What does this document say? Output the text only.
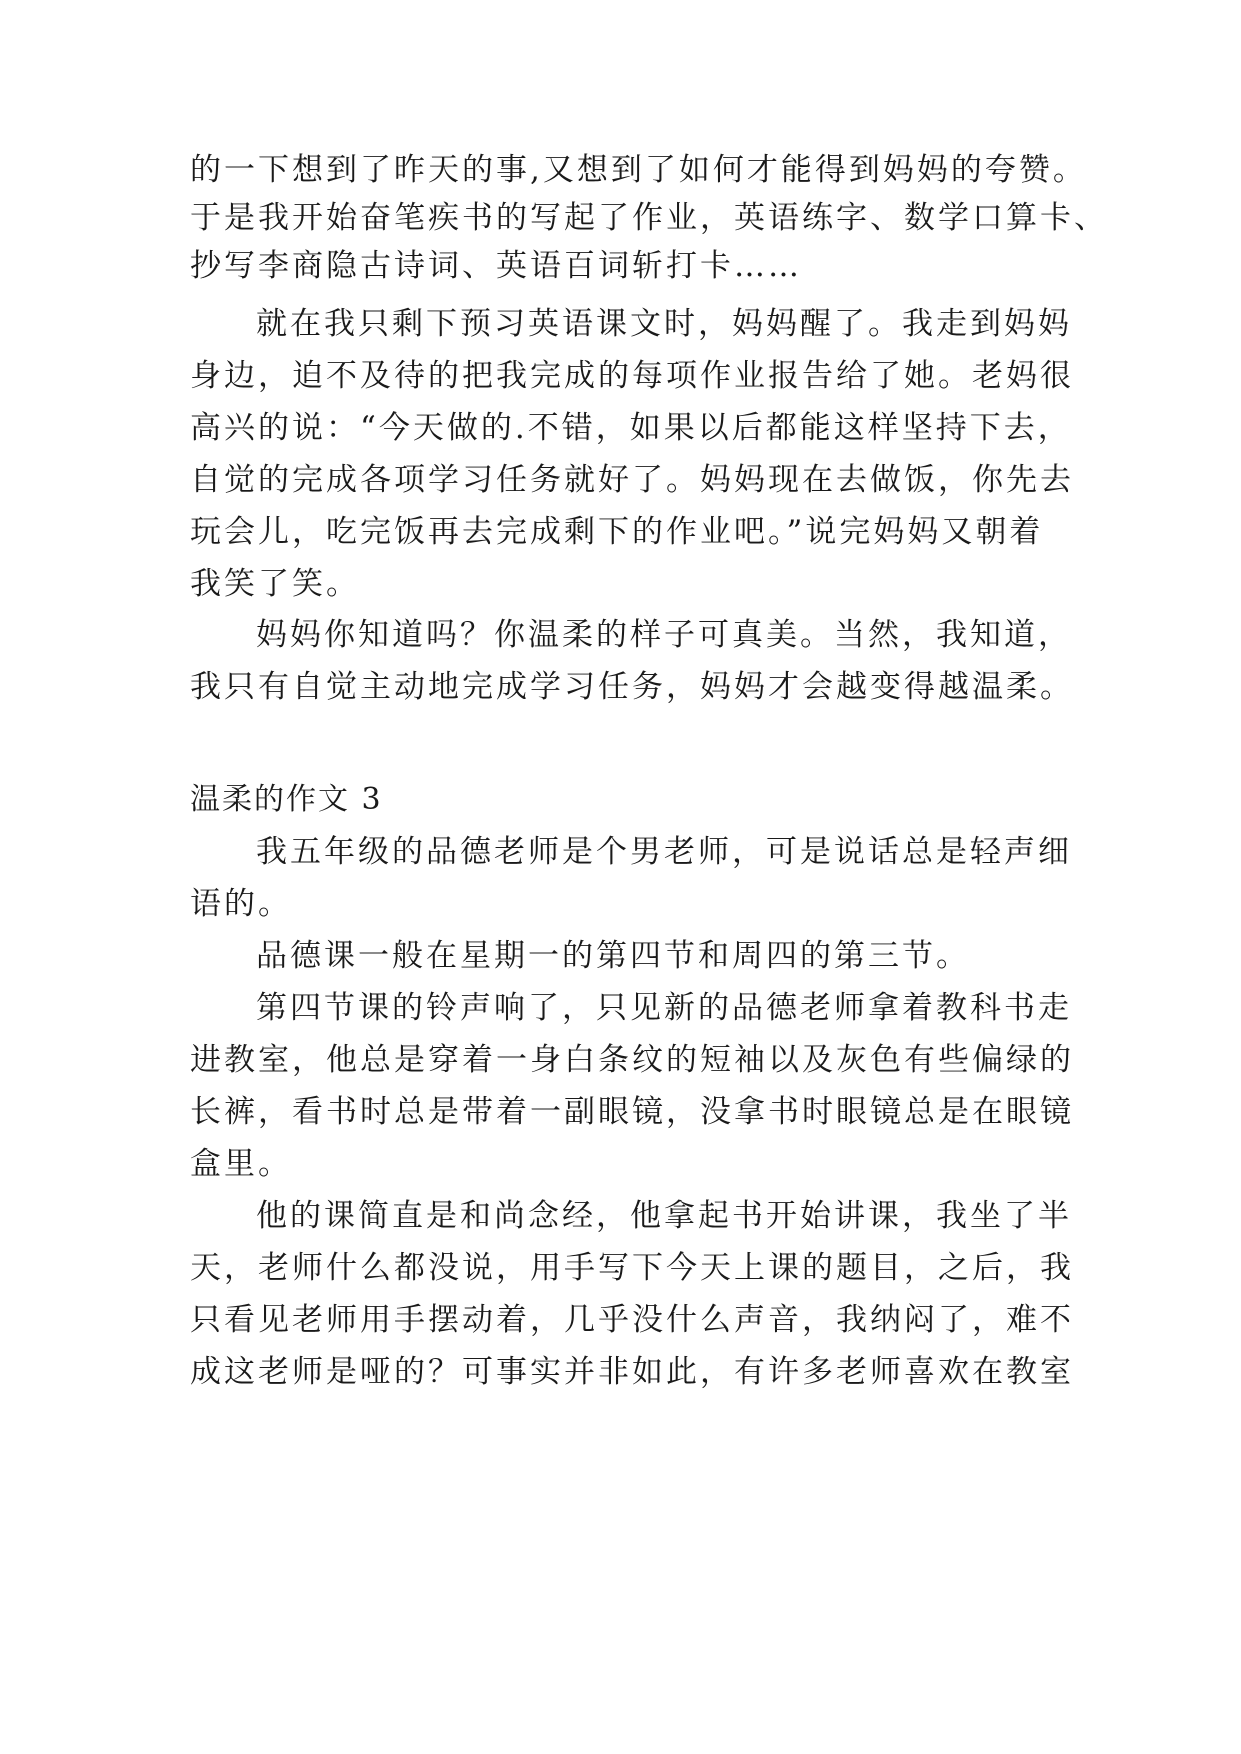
的一下想到了昨天的事,又想到了如何才能得到妈妈的夸赞。
于是我开始奋笔疾书的写起了作业，英语练字、数学口算卡、
抄写李商隐古诗词、英语百词斩打卡……
就在我只剩下预习英语课文时，妈妈醒了。我走到妈妈
身边，迫不及待的把我完成的每项作业报告给了她。老妈很
高兴的说：“今天做的.不错，如果以后都能这样坚持下去，
自觉的完成各项学习任务就好了。妈妈现在去做饭，你先去
玩会儿，吃完饭再去完成剩下的作业吧。”说完妈妈又朝着
我笑了笑。
妈妈你知道吗？你温柔的样子可真美。当然，我知道，
我只有自觉主动地完成学习任务，妈妈才会越变得越温柔。
温柔的作文 3
我五年级的品德老师是个男老师，可是说话总是轻声细
语的。
品德课一般在星期一的第四节和周四的第三节。
第四节课的铃声响了，只见新的品德老师拿着教科书走
进教室，他总是穿着一身白条纹的短袖以及灰色有些偏绿的
长裤，看书时总是带着一副眼镜，没拿书时眼镜总是在眼镜
盒里。
他的课简直是和尚念经，他拿起书开始讲课，我坐了半
天，老师什么都没说，用手写下今天上课的题目，之后，我
只看见老师用手摆动着，几乎没什么声音，我纳闷了，难不
成这老师是哑的？可事实并非如此，有许多老师喜欢在教室
